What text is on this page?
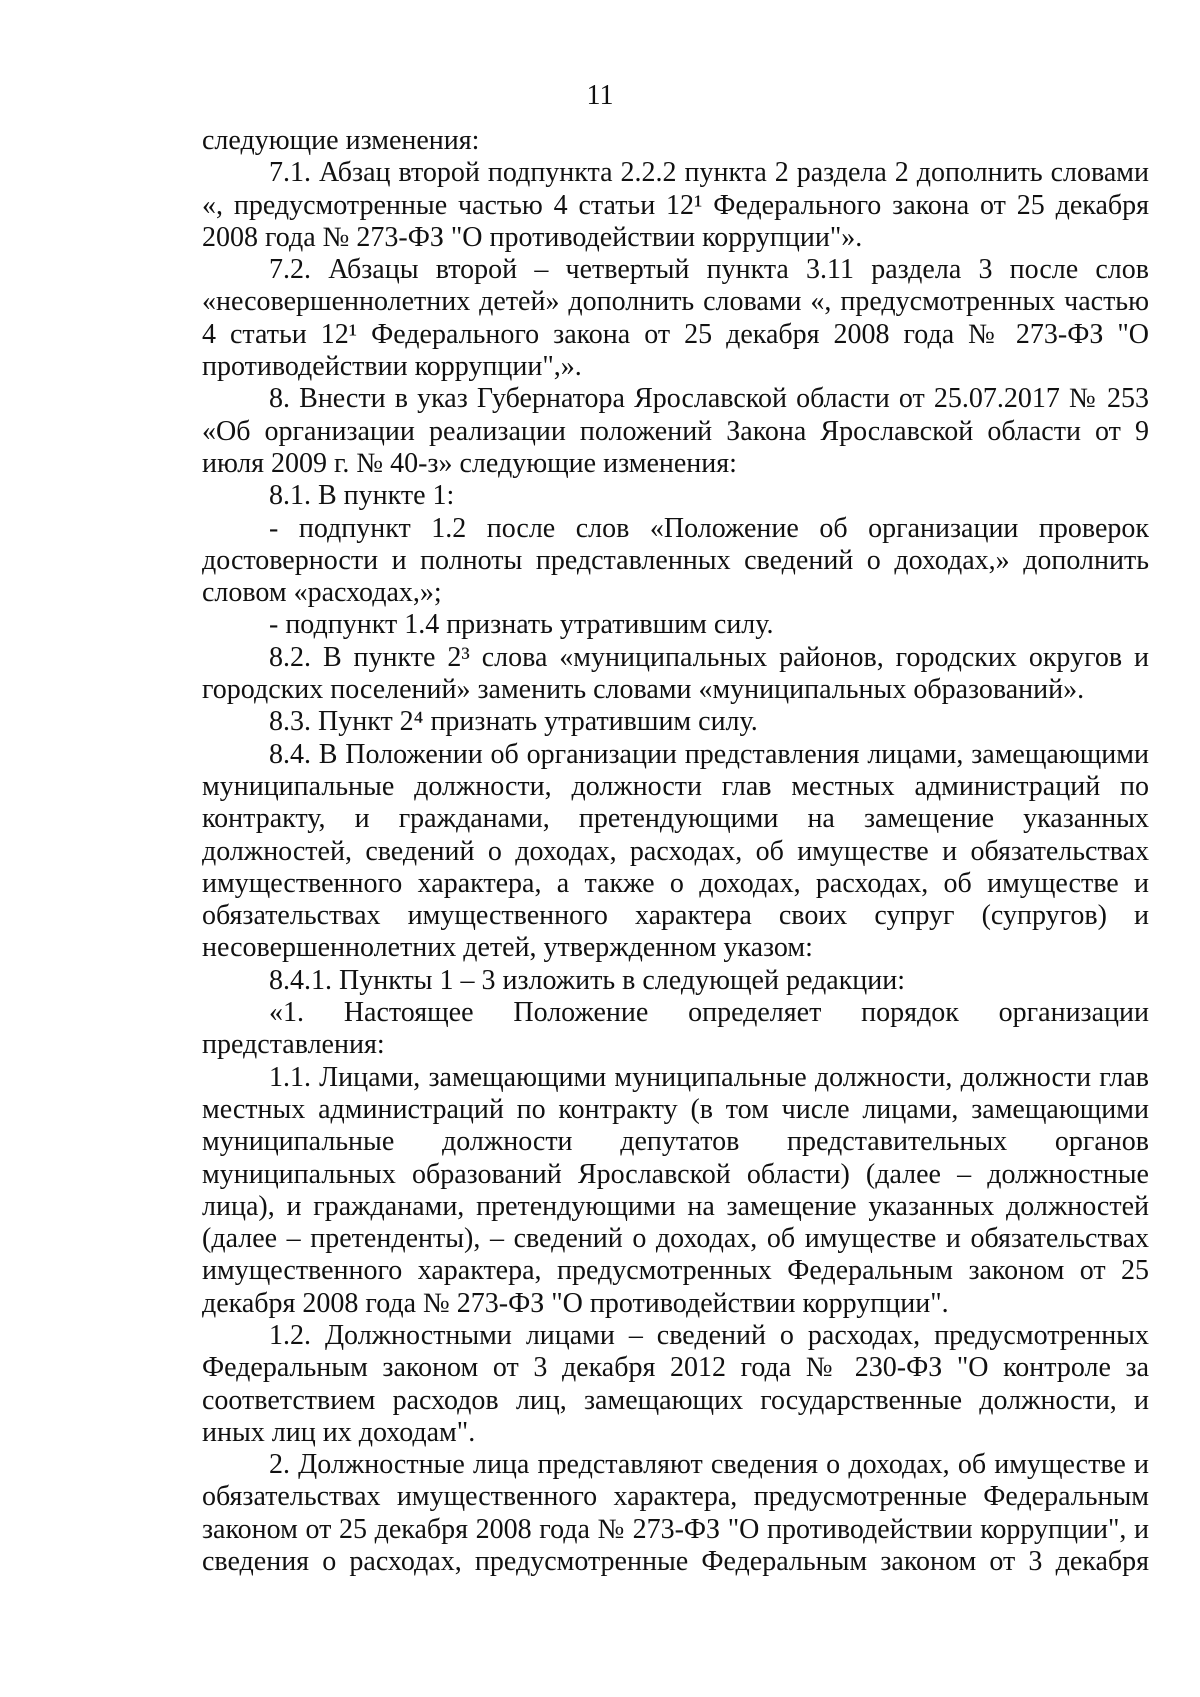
11

следующие изменения:

7.1. Абзац второй подпункта 2.2.2 пункта 2 раздела 2 дополнить словами «, предусмотренные частью 4 статьи 12¹ Федерального закона от 25 декабря 2008 года № 273-ФЗ "О противодействии коррупции"».

7.2. Абзацы второй – четвертый пункта 3.11 раздела 3 после слов «несовершеннолетних детей» дополнить словами «, предусмотренных частью 4 статьи 12¹ Федерального закона от 25 декабря 2008 года № 273-ФЗ "О противодействии коррупции",».

8. Внести в указ Губернатора Ярославской области от 25.07.2017 № 253 «Об организации реализации положений Закона Ярославской области от 9 июля 2009 г. № 40-з» следующие изменения:

8.1. В пункте 1:

- подпункт 1.2 после слов «Положение об организации проверок достоверности и полноты представленных сведений о доходах,» дополнить словом «расходах,»;

- подпункт 1.4 признать утратившим силу.

8.2. В пункте 2³ слова «муниципальных районов, городских округов и городских поселений» заменить словами «муниципальных образований».

8.3. Пункт 2⁴ признать утратившим силу.

8.4. В Положении об организации представления лицами, замещающими муниципальные должности, должности глав местных администраций по контракту, и гражданами, претендующими на замещение указанных должностей, сведений о доходах, расходах, об имуществе и обязательствах имущественного характера, а также о доходах, расходах, об имуществе и обязательствах имущественного характера своих супруг (супругов) и несовершеннолетних детей, утвержденном указом:

8.4.1. Пункты 1 – 3 изложить в следующей редакции:

«1. Настоящее Положение определяет порядок организации представления:

1.1. Лицами, замещающими муниципальные должности, должности глав местных администраций по контракту (в том числе лицами, замещающими муниципальные должности депутатов представительных органов муниципальных образований Ярославской области) (далее – должностные лица), и гражданами, претендующими на замещение указанных должностей (далее – претенденты), – сведений о доходах, об имуществе и обязательствах имущественного характера, предусмотренных Федеральным законом от 25 декабря 2008 года № 273-ФЗ "О противодействии коррупции".

1.2. Должностными лицами – сведений о расходах, предусмотренных Федеральным законом от 3 декабря 2012 года № 230-ФЗ "О контроле за соответствием расходов лиц, замещающих государственные должности, и иных лиц их доходам".

2. Должностные лица представляют сведения о доходах, об имуществе и обязательствах имущественного характера, предусмотренные Федеральным законом от 25 декабря 2008 года № 273-ФЗ "О противодействии коррупции", и сведения о расходах, предусмотренные Федеральным законом от 3 декабря
